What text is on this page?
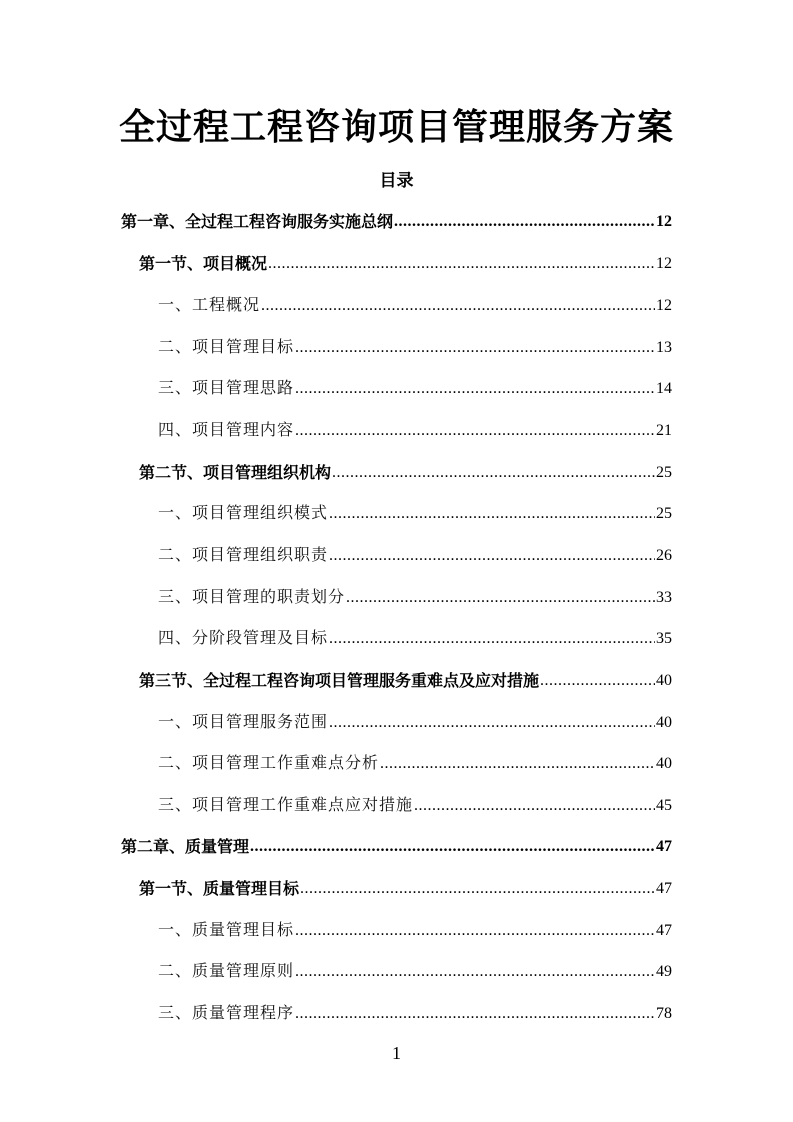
全过程工程咨询项目管理服务方案
目录
第一章、全过程工程咨询服务实施总纲 .....	12
第一节、项目概况 .....	12
一、工程概况 .....	12
二、项目管理目标 .....	13
三、项目管理思路 .....	14
四、项目管理内容 .....	21
第二节、项目管理组织机构 .....	25
一、项目管理组织模式 .....	25
二、项目管理组织职责 .....	26
三、项目管理的职责划分 .....	33
四、分阶段管理及目标 .....	35
第三节、全过程工程咨询项目管理服务重难点及应对措施 .....	40
一、项目管理服务范围 .....	40
二、项目管理工作重难点分析 .....	40
三、项目管理工作重难点应对措施 .....	45
第二章、质量管理 .....	47
第一节、质量管理目标 .....	47
一、质量管理目标 .....	47
二、质量管理原则 .....	49
三、质量管理程序 .....	78
1
